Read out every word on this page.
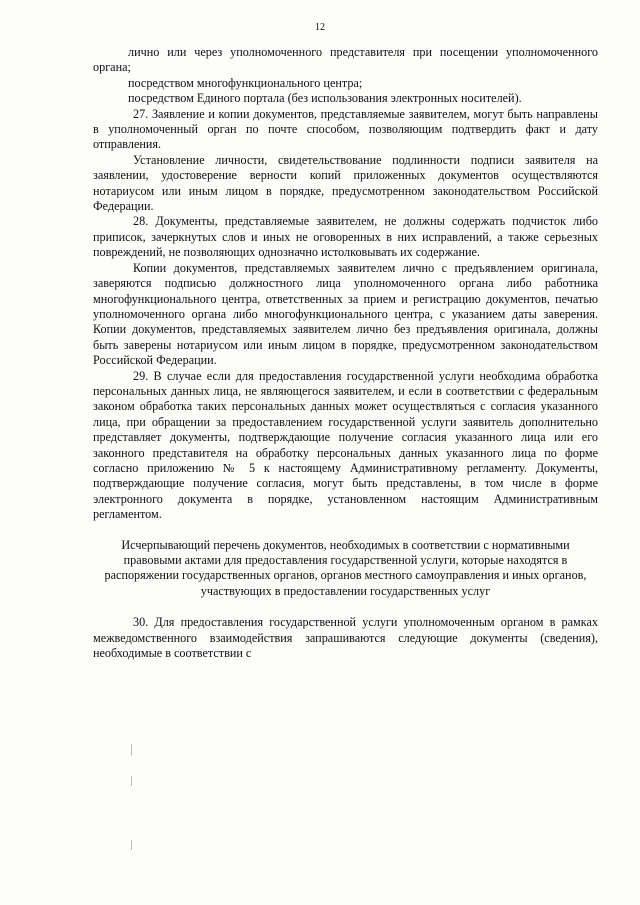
12

лично или через уполномоченного представителя при посещении уполномоченного органа;

посредством многофункционального центра;

посредством Единого портала (без использования электронных носителей).

27. Заявление и копии документов, представляемые заявителем, могут быть направлены в уполномоченный орган по почте способом, позволяющим подтвердить факт и дату отправления.

Установление личности, свидетельствование подлинности подписи заявителя на заявлении, удостоверение верности копий приложенных документов осуществляются нотариусом или иным лицом в порядке, предусмотренном законодательством Российской Федерации.

28. Документы, представляемые заявителем, не должны содержать подчисток либо приписок, зачеркнутых слов и иных не оговоренных в них исправлений, а также серьезных повреждений, не позволяющих однозначно истолковывать их содержание.

Копии документов, представляемых заявителем лично с предъявлением оригинала, заверяются подписью должностного лица уполномоченного органа либо работника многофункционального центра, ответственных за прием и регистрацию документов, печатью уполномоченного органа либо многофункционального центра, с указанием даты заверения. Копии документов, представляемых заявителем лично без предъявления оригинала, должны быть заверены нотариусом или иным лицом в порядке, предусмотренном законодательством Российской Федерации.

29. В случае если для предоставления государственной услуги необходима обработка персональных данных лица, не являющегося заявителем, и если в соответствии с федеральным законом обработка таких персональных данных может осуществляться с согласия указанного лица, при обращении за предоставлением государственной услуги заявитель дополнительно представляет документы, подтверждающие получение согласия указанного лица или его законного представителя на обработку персональных данных указанного лица по форме согласно приложению № 5 к настоящему Административному регламенту. Документы, подтверждающие получение согласия, могут быть представлены, в том числе в форме электронного документа в порядке, установленном настоящим Административным регламентом.

Исчерпывающий перечень документов, необходимых в соответствии с нормативными правовыми актами для предоставления государственной услуги, которые находятся в распоряжении государственных органов, органов местного самоуправления и иных органов, участвующих в предоставлении государственных услуг

30. Для предоставления государственной услуги уполномоченным органом в рамках межведомственного взаимодействия запрашиваются следующие документы (сведения), необходимые в соответствии с
